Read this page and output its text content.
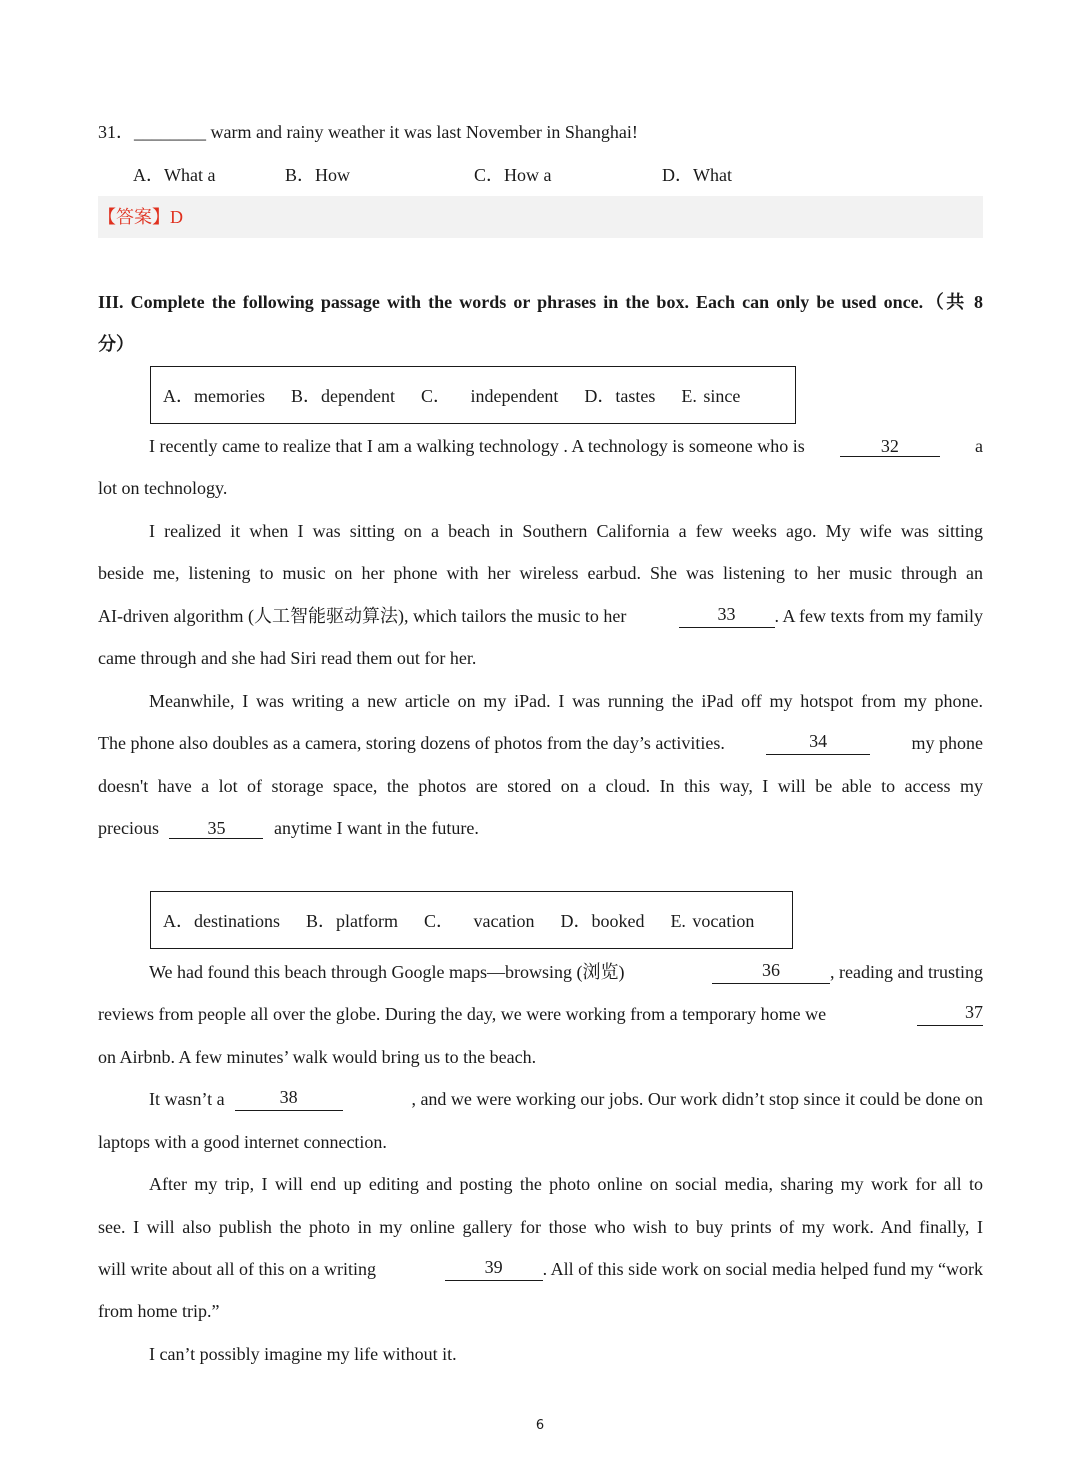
31．________ warm and rainy weather it was last November in Shanghai!
A．What a	B．How	C．How a	D．What
【答案】D
III. Complete the following passage with the words or phrases in the box. Each can only be used once.（共 8
分）
A．memories    B．dependent    C．   independent    D．tastes    E. since
I recently came to realize that I am a walking technology . A technology is someone who is	32	a
lot on technology.
I realized it when I was sitting on a beach in Southern California a few weeks ago. My wife was sitting
beside me, listening to music on her phone with her wireless earbud. She was listening to her music through an
AI-driven algorithm (人工智能驱动算法), which tailors the music to her	33	. A few texts from my family
came through and she had Siri read them out for her.
Meanwhile, I was writing a new article on my iPad. I was running the iPad off my hotspot from my phone.
The phone also doubles as a camera, storing dozens of photos from the day’s activities.	34	my phone
doesn't have a lot of storage space, the photos are stored on a cloud. In this way, I will be able to access my
precious	35	anytime I want in the future.
A．destinations    B．platform    C．   vacation    D．booked    E. vocation
We had found this beach through Google maps—browsing (浏览)	36	, reading and trusting
reviews from people all over the globe. During the day, we were working from a temporary home we	37
on Airbnb. A few minutes’ walk would bring us to the beach.
It wasn’t a	38	, and we were working our jobs. Our work didn’t stop since it could be done on
laptops with a good internet connection.
After my trip, I will end up editing and posting the photo online on social media, sharing my work for all to
see. I will also publish the photo in my online gallery for those who wish to buy prints of my work. And finally, I
will write about all of this on a writing	39	. All of this side work on social media helped fund my “work
from home trip.”
I can’t possibly imagine my life without it.
6
